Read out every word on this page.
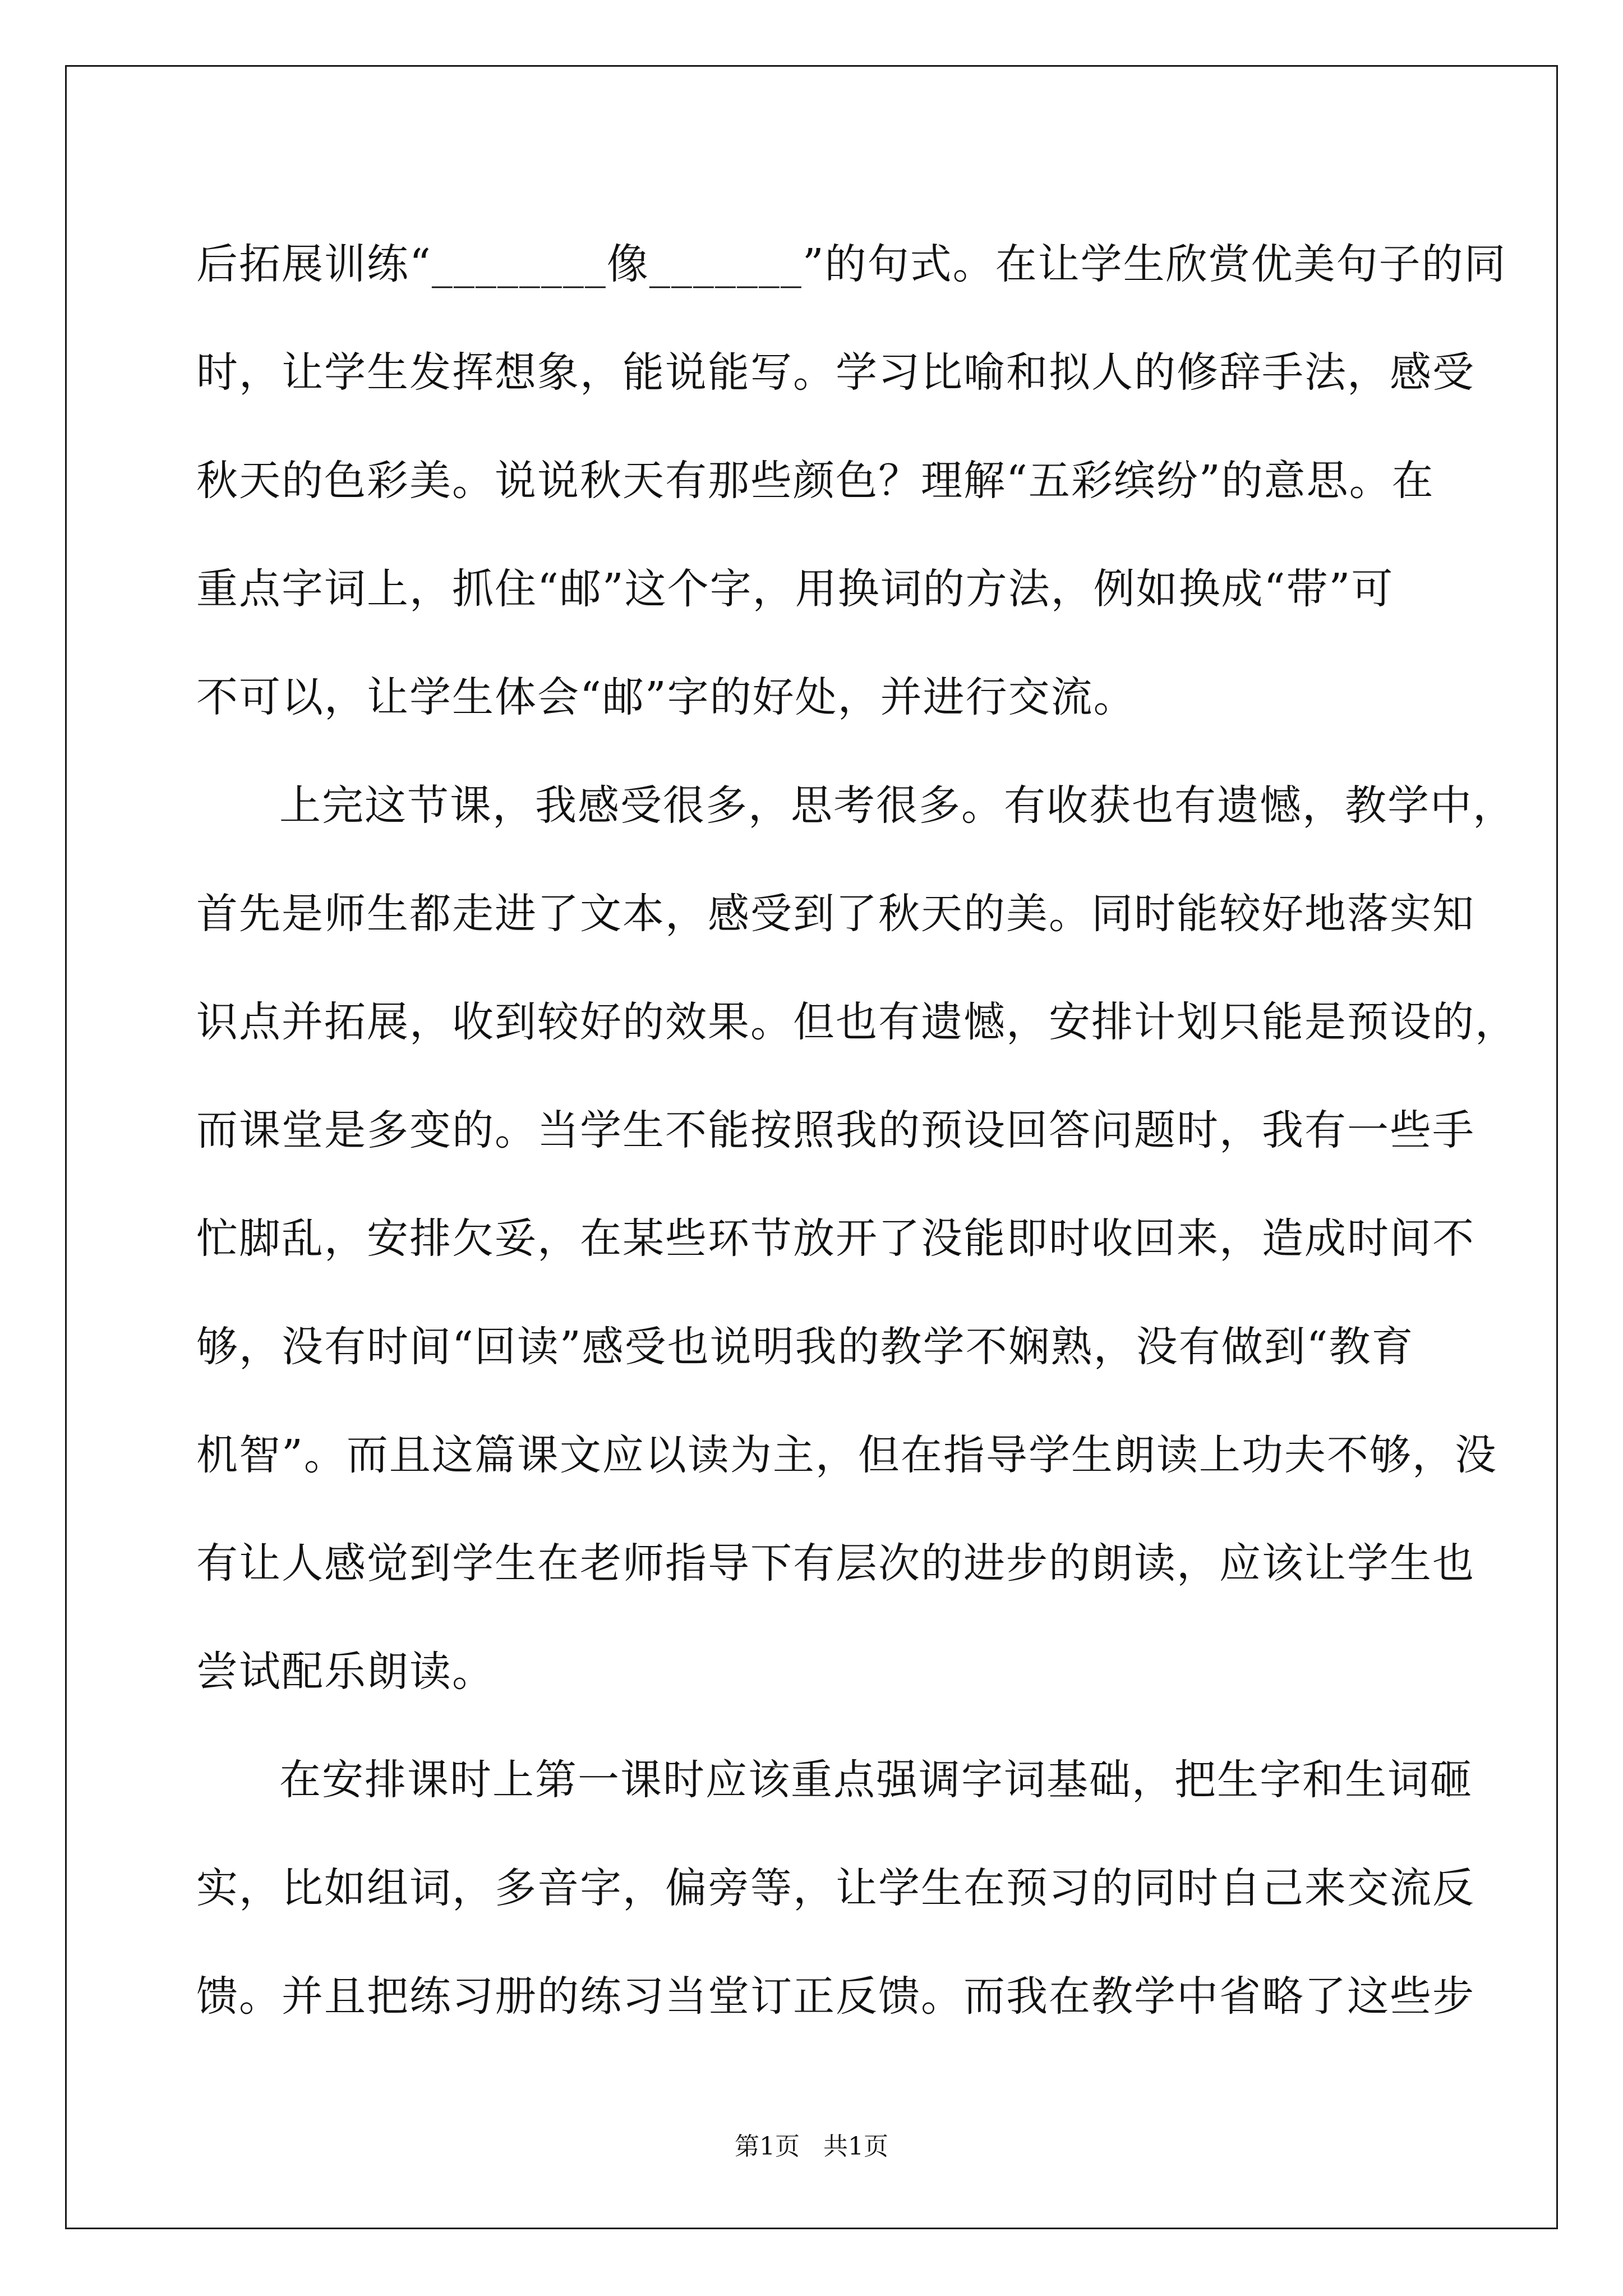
后拓展训练“________像_______”的句式。在让学生欣赏优美句子的同
时，让学生发挥想象，能说能写。学习比喻和拟人的修辞手法，感受
秋天的色彩美。说说秋天有那些颜色？理解“五彩缤纷”的意思。在
重点字词上，抓住“邮”这个字，用换词的方法，例如换成“带”可
不可以，让学生体会“邮”字的好处，并进行交流。
上完这节课，我感受很多，思考很多。有收获也有遗憾，教学中，
首先是师生都走进了文本，感受到了秋天的美。同时能较好地落实知
识点并拓展，收到较好的效果。但也有遗憾，安排计划只能是预设的，
而课堂是多变的。当学生不能按照我的预设回答问题时，我有一些手
忙脚乱，安排欠妥，在某些环节放开了没能即时收回来，造成时间不
够，没有时间“回读”感受也说明我的教学不娴熟，没有做到“教育
机智”。而且这篇课文应以读为主，但在指导学生朗读上功夫不够，没
有让人感觉到学生在老师指导下有层次的进步的朗读，应该让学生也
尝试配乐朗读。
在安排课时上第一课时应该重点强调字词基础，把生字和生词砸
实，比如组词，多音字，偏旁等，让学生在预习的同时自己来交流反
馈。并且把练习册的练习当堂订正反馈。而我在教学中省略了这些步
第1页   共1页
